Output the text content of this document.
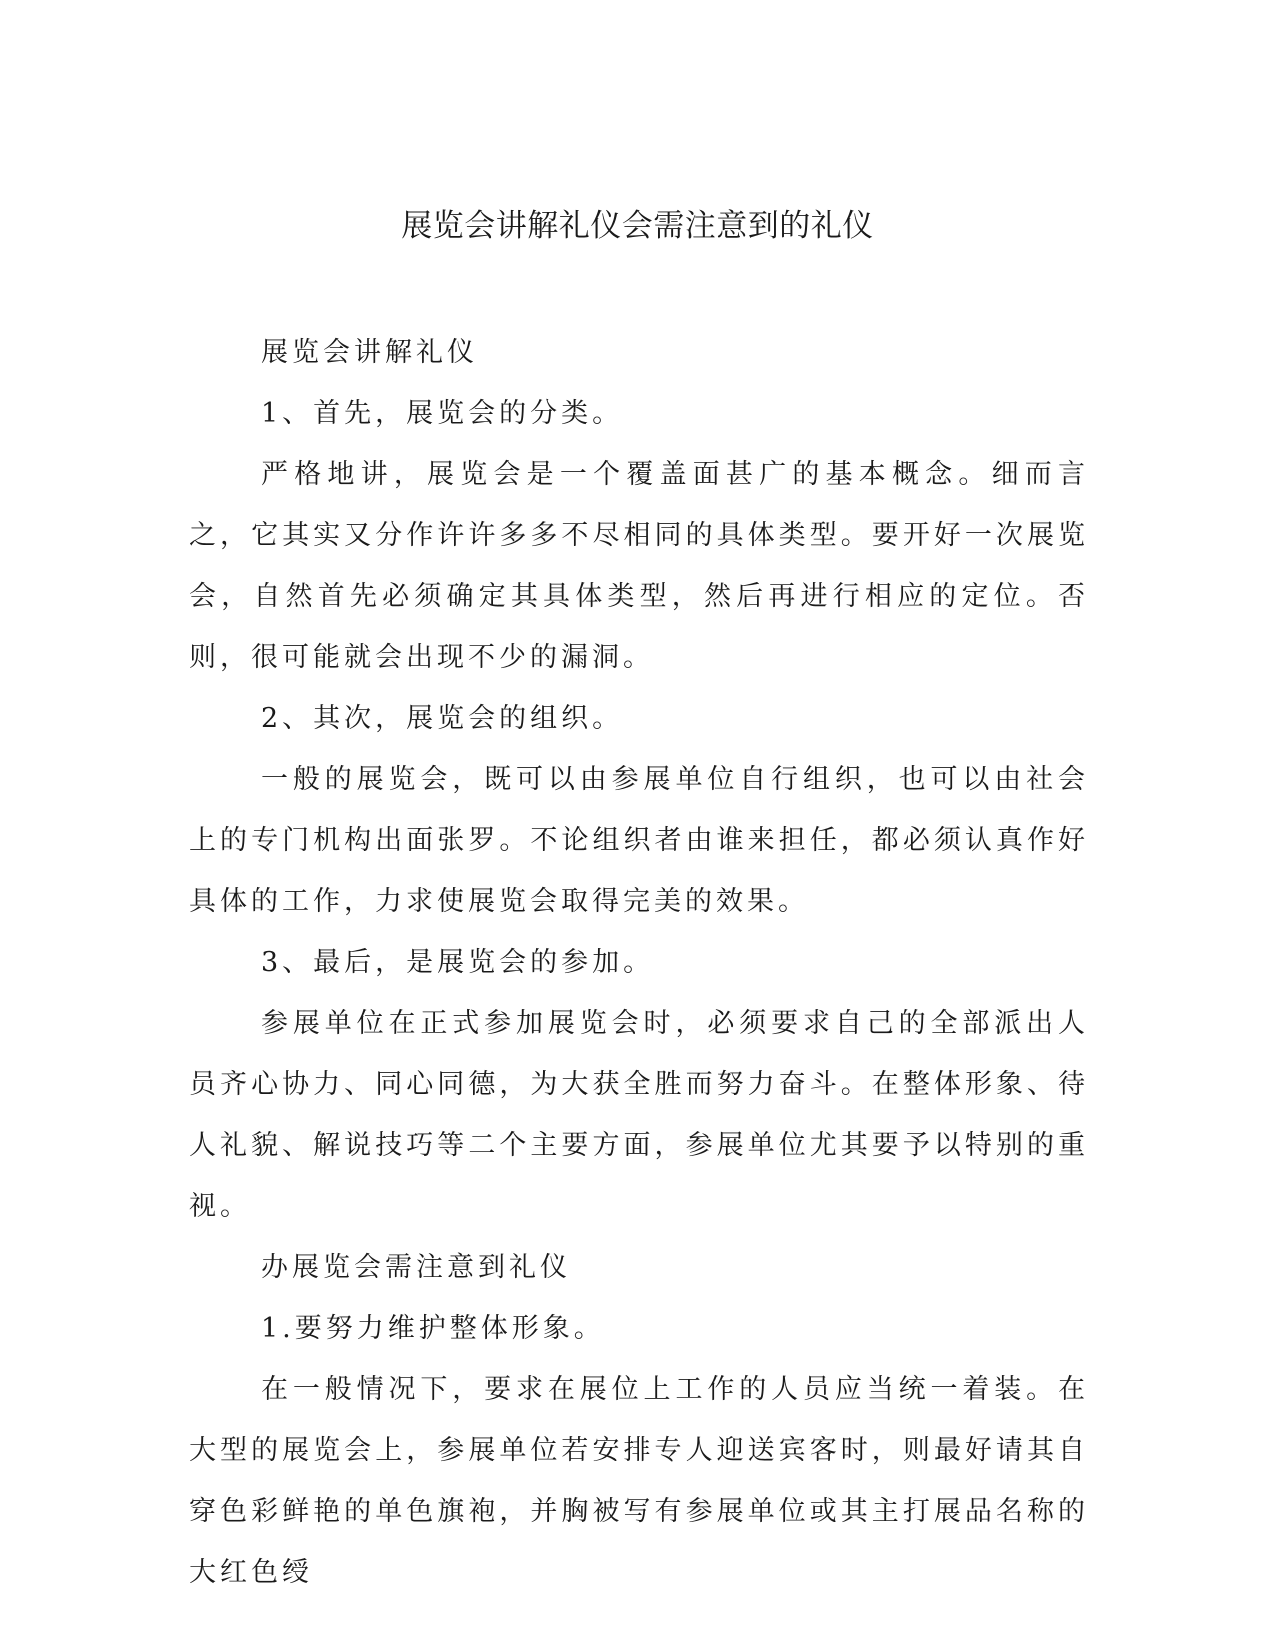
展览会讲解礼仪会需注意到的礼仪

展览会讲解礼仪

1、首先，展览会的分类。

严格地讲，展览会是一个覆盖面甚广的基本概念。细而言之，它其实又分作许许多多不尽相同的具体类型。要开好一次展览会，自然首先必须确定其具体类型，然后再进行相应的定位。否则，很可能就会出现不少的漏洞。

2、其次，展览会的组织。

一般的展览会，既可以由参展单位自行组织，也可以由社会上的专门机构出面张罗。不论组织者由谁来担任，都必须认真作好具体的工作，力求使展览会取得完美的效果。

3、最后，是展览会的参加。

参展单位在正式参加展览会时，必须要求自己的全部派出人员齐心协力、同心同德，为大获全胜而努力奋斗。在整体形象、待人礼貌、解说技巧等二个主要方面，参展单位尤其要予以特别的重视。

办展览会需注意到礼仪

1.要努力维护整体形象。

在一般情况下，要求在展位上工作的人员应当统一着装。在大型的展览会上，参展单位若安排专人迎送宾客时，则最好请其自穿色彩鲜艳的单色旗袍，并胸被写有参展单位或其主打展品名称的大红色绶
